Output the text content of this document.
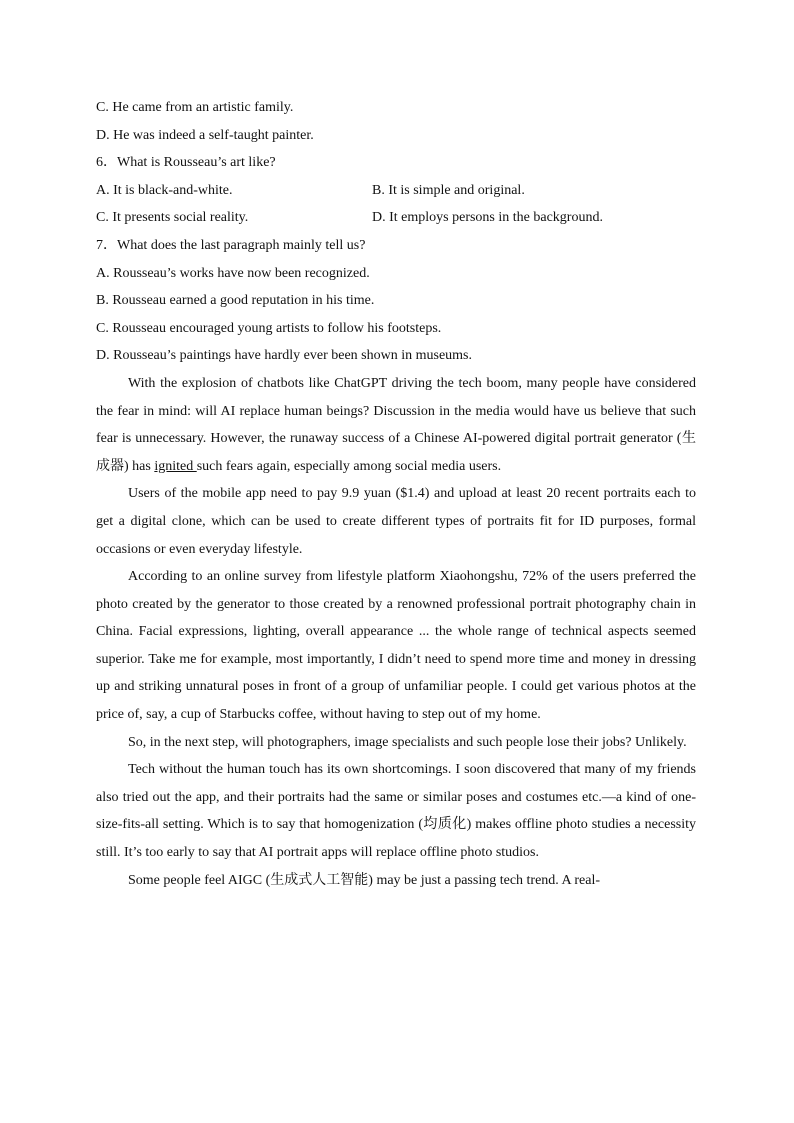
C. He came from an artistic family.
D. He was indeed a self-taught painter.
6．What is Rousseau’s art like?
A. It is black-and-white.	B. It is simple and original.
C. It presents social reality.	D. It employs persons in the background.
7．What does the last paragraph mainly tell us?
A. Rousseau’s works have now been recognized.
B. Rousseau earned a good reputation in his time.
C. Rousseau encouraged young artists to follow his footsteps.
D. Rousseau’s paintings have hardly ever been shown in museums.

With the explosion of chatbots like ChatGPT driving the tech boom, many people have considered the fear in mind: will AI replace human beings? Discussion in the media would have us believe that such fear is unnecessary. However, the runaway success of a Chinese AI-powered digital portrait generator (生成器) has ignited such fears again, especially among social media users.

Users of the mobile app need to pay 9.9 yuan ($1.4) and upload at least 20 recent portraits each to get a digital clone, which can be used to create different types of portraits fit for ID purposes, formal occasions or even everyday lifestyle.

According to an online survey from lifestyle platform Xiaohongshu, 72% of the users preferred the photo created by the generator to those created by a renowned professional portrait photography chain in China. Facial expressions, lighting, overall appearance ... the whole range of technical aspects seemed superior. Take me for example, most importantly, I didn’t need to spend more time and money in dressing up and striking unnatural poses in front of a group of unfamiliar people. I could get various photos at the price of, say, a cup of Starbucks coffee, without having to step out of my home.

So, in the next step, will photographers, image specialists and such people lose their jobs? Unlikely.

Tech without the human touch has its own shortcomings. I soon discovered that many of my friends also tried out the app, and their portraits had the same or similar poses and costumes etc.—a kind of one-size-fits-all setting. Which is to say that homogenization (均质化) makes offline photo studies a necessity still. It’s too early to say that AI portrait apps will replace offline photo studios.

Some people feel AIGC (生成式人工智能) may be just a passing tech trend. A real-
